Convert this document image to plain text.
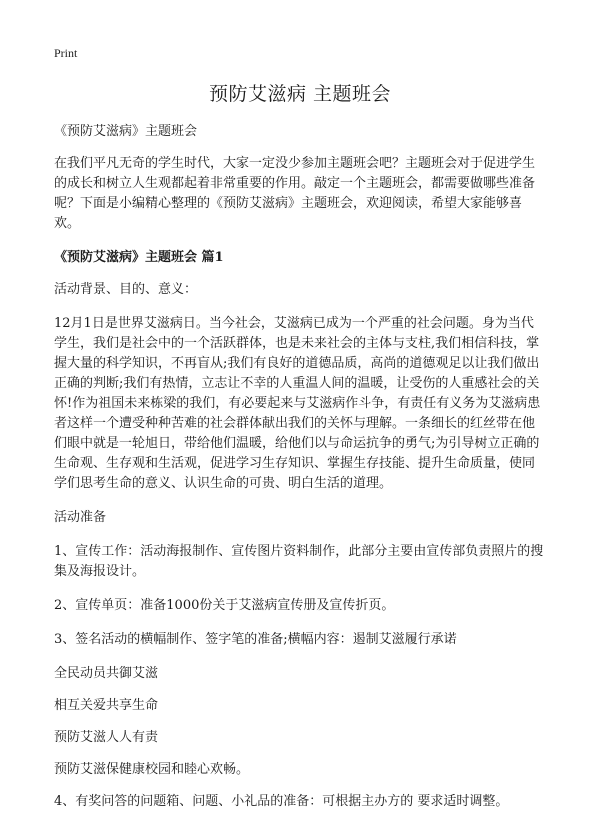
Print
预防艾滋病 主题班会

《预防艾滋病》主题班会

在我们平凡无奇的学生时代，大家一定没少参加主题班会吧？主题班会对于促进学生的成长和树立人生观都起着非常重要的作用。敲定一个主题班会，都需要做哪些准备呢？下面是小编精心整理的《预防艾滋病》主题班会，欢迎阅读，希望大家能够喜欢。

《预防艾滋病》主题班会 篇1

活动背景、目的、意义：

12月1日是世界艾滋病日。当今社会，艾滋病已成为一个严重的社会问题。身为当代学生，我们是社会中的一个活跃群体，也是未来社会的主体与支柱,我们相信科技，掌握大量的科学知识，不再盲从;我们有良好的道德品质，高尚的道德观足以让我们做出正确的判断;我们有热情，立志让不幸的人重温人间的温暖，让受伤的人重感社会的关怀!作为祖国未来栋梁的我们，有必要起来与艾滋病作斗争，有责任有义务为艾滋病患者这样一个遭受种种苦难的社会群体献出我们的关怀与理解。一条细长的红丝带在他们眼中就是一轮旭日，带给他们温暖，给他们以与命运抗争的勇气;为引导树立正确的生命观、生存观和生活观，促进学习生存知识、掌握生存技能、提升生命质量，使同学们思考生命的意义、认识生命的可贵、明白生活的道理。

活动准备

1、宣传工作：活动海报制作、宣传图片资料制作，此部分主要由宣传部负责照片的搜集及海报设计。

2、宣传单页：准备1000份关于艾滋病宣传册及宣传折页。

3、签名活动的横幅制作、签字笔的准备;横幅内容：遏制艾滋履行承诺

全民动员共御艾滋

相互关爱共享生命

预防艾滋人人有责

预防艾滋保健康校园和睦心欢畅。

4、有奖问答的问题箱、问题、小礼品的准备：可根据主办方的 要求适时调整。
